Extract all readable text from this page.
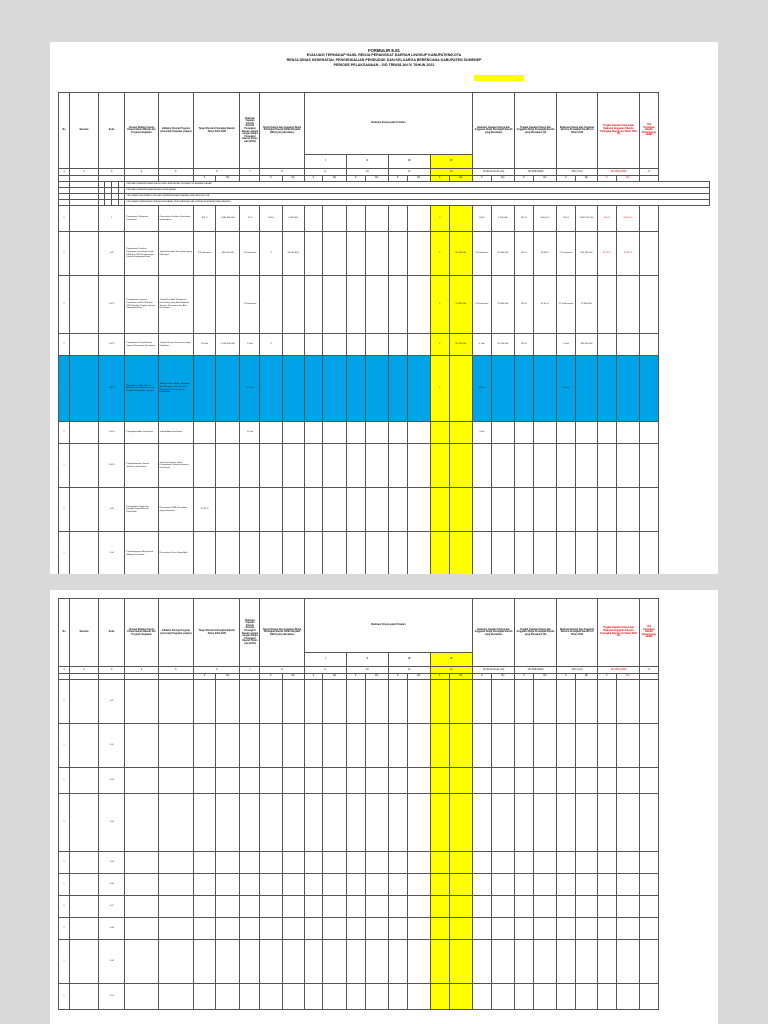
FORMULIR E.81
EVALUASI TERHADAP HASIL RENJA PERANGKAT DAERAH LINGKUP KABUPATEN/KOTA
RENJA DINAS KESEHATAN, PENGENDALIAN PENDUDUK DAN KELUARGA BERENCANA KABUPATEN SUMENEP
PERIODE PELAKSANAAN : S/D TRIWULAN IV TAHUN 2022
No	Sasaran	Kode				Urusan/ Bidang Urusan Pemerintahan Daerah dan Program/ Kegiatan	Indikator Kinerja Program (outcome)/ Kegiatan (output)	Target Renstra Perangkat Daerah Tahun 2021-2026		Realisasi Capaian Kinerja Renstra Perangkat Daerah sampai dengan Renja Perangkat Daerah Tahun Lalu (2021)	Target Kinerja dan Anggaran Renja Perangkat Daerah Tahun Berjalan (2022) yang dievaluasi		Realisasi Kinerja pada Triwulan								Realisasi Capaian Kinerja dan Anggaran Renja Perangkat Daerah yang Dievaluasi		Tingkat Capaian Kinerja dan Anggaran Renja Perangkat Daerah yang Dievaluasi (%)		Realisasi Kinerja dan Anggaran Renstra Perangkat Daerah s/d Tahun 2022		Tingkat Capaian Kinerja dan Realisasi Anggaran Renstra Perangkat Daerah s/d Tahun 2022 (%)		Unit Perangkat Daerah Penanggung Jawab
													I		II		III		IV										
1	2	3				4	5	6		7	8		9		10		11		12		13=(8+9+10+11+12)		14=13/8x100%		15=(7+13)		16=15/6x100%		17
								K	Rp		K	Rp	K	Rp	K	Rp	K	Rp	K	Rp	K	Rp	K	Rp	K	Rp	K	Rp	
						URUSAN PEMERINTAHAN WAJIB YANG BERKAITAN DENGAN PELAYANAN DASAR																							
						URUSAN PEMERINTAHAN BIDANG KESEHATAN																							
						PROGRAM PENUNJANG URUSAN PEMERINTAHAN DAERAH KABUPATEN/KOTA																							
						PROGRAM PEMENUHAN UPAYA KESEHATAN PERORANGAN DAN UPAYA KESEHATAN MASYARAKAT																							
1		1				Persentase Pelayanan Kesehatan	Persentase Fasilitas Kesehatan terakreditasi	100 %	1.981.865.000	75 %	100%	1.285.560							0		100%	1.180.000	100 %	100,00 %	100 %	1.981.721.000	100 %	100,00 %	
1		1.02				Penyediaan Fasilitas Pelayanan Kesehatan untuk UKM dan UKP Kewenangan Daerah Kabupaten/Kota	Jumlah Fasilitas Kesehatan yang Dibangun	8 Puskesmas	356.300.000	3 Puskesmas	4	94.200.000							4	94.180.000	4 Puskesmas	94.180.000	100 %	99,98 %	7 Puskesmas	189.780.000	87,50 %	53,26 %	
1		1.02.1				Penyediaan Layanan Kesehatan untuk UKM dan UKP Rujukan Tingkat Daerah Kabupaten/Kota	Jumlah Fasilitas Pelayanan Kesehatan yang Mendapatkan Sarana, Prasarana dan Alat Kesehatan			7 Puskesmas									5	37.400.000	5 Puskesmas	37.400.000	100 %	97,40 %	12 Puskesmas	75.800.000			
1		1.02.2				Penyediaan Pemeliharaan Sarana Prasarana Kesehatan	Jumlah Sarana Prasarana yang Dipelihara	18 Unit	1.200.000.000	5 Unit	4								4	95.700.000	4 Unit	95.700.000	100 %		9 Unit	280.400.000			
1		1.02.3				Pengadaan Obat, Vaksin, Makanan dan Minuman serta Fasilitas Kesehatan Lainnya	Jumlah Obat, Vaksin, Makanan dan Minuman serta Fasilitas Kesehatan Lainnya yang Disediakan			4 Jenis									4		4 Jenis				4 Jenis				
1		1.02.4				Pengadaan Alat Kesehatan	Jumlah Alat Kesehatan			12 Set											5 Set								
1		1.02.5				Pengembangan Sistem Informasi Kesehatan	Jumlah Dokumen Hasil Pengelolaan Sistem Informasi Kesehatan																						
1		1.03				Peningkatan Kapasitas Sumber Daya Manusia Kesehatan	Persentase SDM Kesehatan yang Kompeten	75,28 %																					
1		1.04				Pemberdayaan Masyarakat Bidang Kesehatan	Persentase Desa Siaga Aktif																						
No	Sasaran	Kode	Urusan/ Bidang Urusan Pemerintahan Daerah dan Program/ Kegiatan	Indikator Kinerja Program (outcome)/ Kegiatan (output)	Target Renstra Perangkat Daerah Tahun 2021-2026		Realisasi Capaian Kinerja Renstra Perangkat Daerah sampai dengan Renja Perangkat Daerah Tahun Lalu (2021)	Target Kinerja dan Anggaran Renja Perangkat Daerah Tahun Berjalan (2022) yang dievaluasi		Realisasi Kinerja pada Triwulan								Realisasi Capaian Kinerja dan Anggaran Renja Perangkat Daerah yang Dievaluasi		Tingkat Capaian Kinerja dan Anggaran Renja Perangkat Daerah yang Dievaluasi (%)		Realisasi Kinerja dan Anggaran Renstra Perangkat Daerah s/d Tahun 2022		Tingkat Capaian Kinerja dan Realisasi Anggaran Renstra Perangkat Daerah s/d Tahun 2022 (%)		Unit Perangkat Daerah Penanggung Jawab
										I		II		III		IV										
1	2	3	4	5	6		7	8		9		10		11		12		13=(8+9+10+11+12)		14=13/8x100%		15=(7+13)		16=15/6x100%		17
					K	Rp		K	Rp	K	Rp	K	Rp	K	Rp	K	Rp	K	Rp	K	Rp	K	Rp	K	Rp	
1		1.01																								
1		1.02																								
1		1.03																								
1		1.04																								
1		1.05																								
1		1.06																								
1		1.07																								
1		1.08																								
1		1.09																								
1		1.10																								
